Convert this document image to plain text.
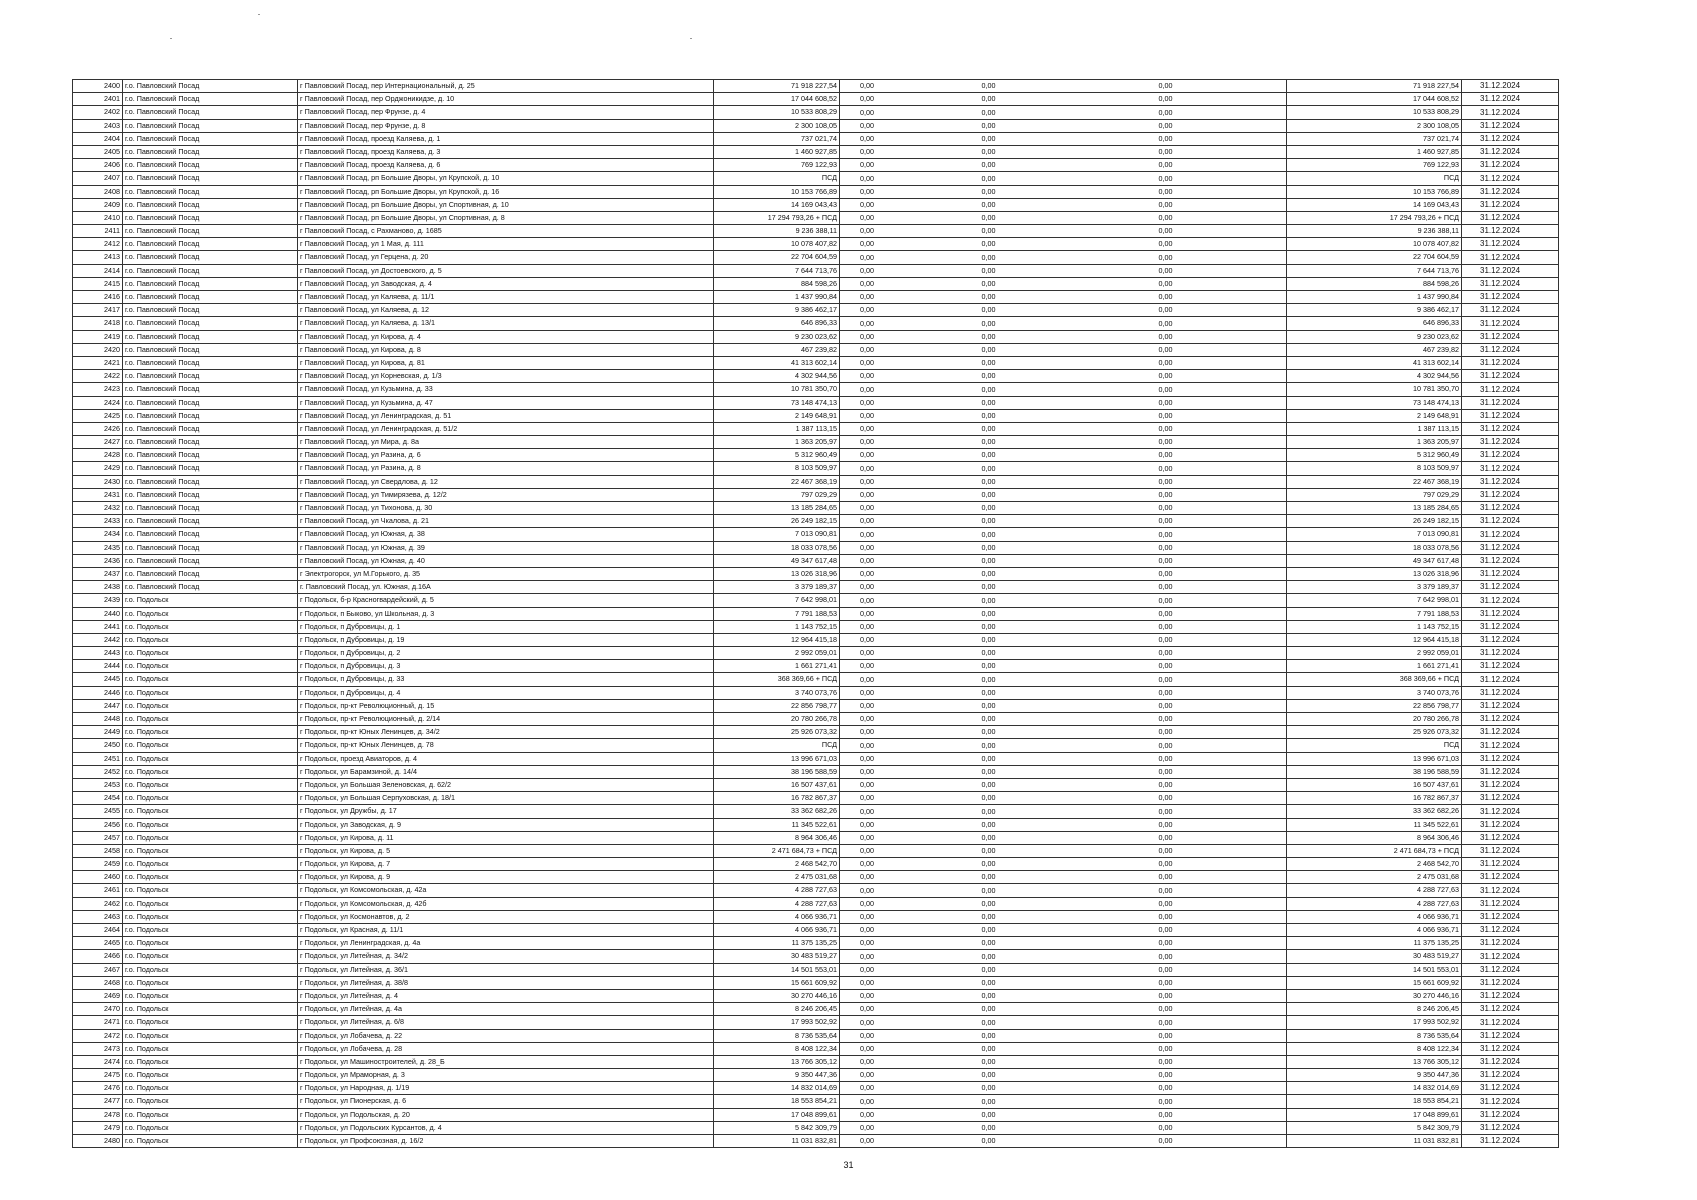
2400	г.о. Павловский Посад	г Павловский Посад, пер Интернациональный, д. 25	71 918 227,54	0,00	0,00	0,00	71 918 227,54	31.12.2024
2401	г.о. Павловский Посад	г Павловский Посад, пер Орджоникидзе, д. 10	17 044 608,52	0,00	0,00	0,00	17 044 608,52	31.12.2024
2402	г.о. Павловский Посад	г Павловский Посад, пер Фрунзе, д. 4	10 533 808,29	0,00	0,00	0,00	10 533 808,29	31.12.2024
2403	г.о. Павловский Посад	г Павловский Посад, пер Фрунзе, д. 8	2 300 108,05	0,00	0,00	0,00	2 300 108,05	31.12.2024
2404	г.о. Павловский Посад	г Павловский Посад, проезд Каляева, д. 1	737 021,74	0,00	0,00	0,00	737 021,74	31.12.2024
2405	г.о. Павловский Посад	г Павловский Посад, проезд Каляева, д. 3	1 460 927,85	0,00	0,00	0,00	1 460 927,85	31.12.2024
2406	г.о. Павловский Посад	г Павловский Посад, проезд Каляева, д. 6	769 122,93	0,00	0,00	0,00	769 122,93	31.12.2024
2407	г.о. Павловский Посад	г Павловский Посад, рп Большие Дворы, ул Крупской, д. 10	ПСД	0,00	0,00	0,00	ПСД	31.12.2024
2408	г.о. Павловский Посад	г Павловский Посад, рп Большие Дворы, ул Крупской, д. 16	10 153 766,89	0,00	0,00	0,00	10 153 766,89	31.12.2024
2409	г.о. Павловский Посад	г Павловский Посад, рп Большие Дворы, ул Спортивная, д. 10	14 169 043,43	0,00	0,00	0,00	14 169 043,43	31.12.2024
2410	г.о. Павловский Посад	г Павловский Посад, рп Большие Дворы, ул Спортивная, д. 8	17 294 793,26 + ПСД	0,00	0,00	0,00	17 294 793,26 + ПСД	31.12.2024
2411	г.о. Павловский Посад	г Павловский Посад, с Рахманово, д. 1685	9 236 388,11	0,00	0,00	0,00	9 236 388,11	31.12.2024
2412	г.о. Павловский Посад	г Павловский Посад, ул 1 Мая, д. 111	10 078 407,82	0,00	0,00	0,00	10 078 407,82	31.12.2024
2413	г.о. Павловский Посад	г Павловский Посад, ул Герцена, д. 20	22 704 604,59	0,00	0,00	0,00	22 704 604,59	31.12.2024
2414	г.о. Павловский Посад	г Павловский Посад, ул Достоевского, д. 5	7 644 713,76	0,00	0,00	0,00	7 644 713,76	31.12.2024
2415	г.о. Павловский Посад	г Павловский Посад, ул Заводская, д. 4	884 598,26	0,00	0,00	0,00	884 598,26	31.12.2024
2416	г.о. Павловский Посад	г Павловский Посад, ул Каляева, д. 11/1	1 437 990,84	0,00	0,00	0,00	1 437 990,84	31.12.2024
2417	г.о. Павловский Посад	г Павловский Посад, ул Каляева, д. 12	9 386 462,17	0,00	0,00	0,00	9 386 462,17	31.12.2024
2418	г.о. Павловский Посад	г Павловский Посад, ул Каляева, д. 13/1	646 896,33	0,00	0,00	0,00	646 896,33	31.12.2024
2419	г.о. Павловский Посад	г Павловский Посад, ул Кирова, д. 4	9 230 023,62	0,00	0,00	0,00	9 230 023,62	31.12.2024
2420	г.о. Павловский Посад	г Павловский Посад, ул Кирова, д. 8	467 239,82	0,00	0,00	0,00	467 239,82	31.12.2024
2421	г.о. Павловский Посад	г Павловский Посад, ул Кирова, д. 81	41 313 602,14	0,00	0,00	0,00	41 313 602,14	31.12.2024
2422	г.о. Павловский Посад	г Павловский Посад, ул Корневская, д. 1/3	4 302 944,56	0,00	0,00	0,00	4 302 944,56	31.12.2024
2423	г.о. Павловский Посад	г Павловский Посад, ул Кузьмина, д. 33	10 781 350,70	0,00	0,00	0,00	10 781 350,70	31.12.2024
2424	г.о. Павловский Посад	г Павловский Посад, ул Кузьмина, д. 47	73 148 474,13	0,00	0,00	0,00	73 148 474,13	31.12.2024
2425	г.о. Павловский Посад	г Павловский Посад, ул Ленинградская, д. 51	2 149 648,91	0,00	0,00	0,00	2 149 648,91	31.12.2024
2426	г.о. Павловский Посад	г Павловский Посад, ул Ленинградская, д. 51/2	1 387 113,15	0,00	0,00	0,00	1 387 113,15	31.12.2024
2427	г.о. Павловский Посад	г Павловский Посад, ул Мира, д. 8а	1 363 205,97	0,00	0,00	0,00	1 363 205,97	31.12.2024
2428	г.о. Павловский Посад	г Павловский Посад, ул Разина, д. 6	5 312 960,49	0,00	0,00	0,00	5 312 960,49	31.12.2024
2429	г.о. Павловский Посад	г Павловский Посад, ул Разина, д. 8	8 103 509,97	0,00	0,00	0,00	8 103 509,97	31.12.2024
2430	г.о. Павловский Посад	г Павловский Посад, ул Свердлова, д. 12	22 467 368,19	0,00	0,00	0,00	22 467 368,19	31.12.2024
2431	г.о. Павловский Посад	г Павловский Посад, ул Тимирязева, д. 12/2	797 029,29	0,00	0,00	0,00	797 029,29	31.12.2024
2432	г.о. Павловский Посад	г Павловский Посад, ул Тихонова, д. 30	13 185 284,65	0,00	0,00	0,00	13 185 284,65	31.12.2024
2433	г.о. Павловский Посад	г Павловский Посад, ул Чкалова, д. 21	26 249 182,15	0,00	0,00	0,00	26 249 182,15	31.12.2024
2434	г.о. Павловский Посад	г Павловский Посад, ул Южная, д. 38	7 013 090,81	0,00	0,00	0,00	7 013 090,81	31.12.2024
2435	г.о. Павловский Посад	г Павловский Посад, ул Южная, д. 39	18 033 078,56	0,00	0,00	0,00	18 033 078,56	31.12.2024
2436	г.о. Павловский Посад	г Павловский Посад, ул Южная, д. 40	49 347 617,48	0,00	0,00	0,00	49 347 617,48	31.12.2024
2437	г.о. Павловский Посад	г Электрогорск, ул М.Горького, д. 35	13 026 318,96	0,00	0,00	0,00	13 026 318,96	31.12.2024
2438	г.о. Павловский Посад	г. Павловский Посад, ул. Южная, д.16А	3 379 189,37	0,00	0,00	0,00	3 379 189,37	31.12.2024
2439	г.о. Подольск	г Подольск, б-р Красногвардейский, д. 5	7 642 998,01	0,00	0,00	0,00	7 642 998,01	31.12.2024
2440	г.о. Подольск	г Подольск, п Быково, ул Школьная, д. 3	7 791 188,53	0,00	0,00	0,00	7 791 188,53	31.12.2024
2441	г.о. Подольск	г Подольск, п Дубровицы, д. 1	1 143 752,15	0,00	0,00	0,00	1 143 752,15	31.12.2024
2442	г.о. Подольск	г Подольск, п Дубровицы, д. 19	12 964 415,18	0,00	0,00	0,00	12 964 415,18	31.12.2024
2443	г.о. Подольск	г Подольск, п Дубровицы, д. 2	2 992 059,01	0,00	0,00	0,00	2 992 059,01	31.12.2024
2444	г.о. Подольск	г Подольск, п Дубровицы, д. 3	1 661 271,41	0,00	0,00	0,00	1 661 271,41	31.12.2024
2445	г.о. Подольск	г Подольск, п Дубровицы, д. 33	368 369,66 + ПСД	0,00	0,00	0,00	368 369,66 + ПСД	31.12.2024
2446	г.о. Подольск	г Подольск, п Дубровицы, д. 4	3 740 073,76	0,00	0,00	0,00	3 740 073,76	31.12.2024
2447	г.о. Подольск	г Подольск, пр-кт Революционный, д. 15	22 856 798,77	0,00	0,00	0,00	22 856 798,77	31.12.2024
2448	г.о. Подольск	г Подольск, пр-кт Революционный, д. 2/14	20 780 266,78	0,00	0,00	0,00	20 780 266,78	31.12.2024
2449	г.о. Подольск	г Подольск, пр-кт Юных Ленинцев, д. 34/2	25 926 073,32	0,00	0,00	0,00	25 926 073,32	31.12.2024
2450	г.о. Подольск	г Подольск, пр-кт Юных Ленинцев, д. 78	ПСД	0,00	0,00	0,00	ПСД	31.12.2024
2451	г.о. Подольск	г Подольск, проезд Авиаторов, д. 4	13 996 671,03	0,00	0,00	0,00	13 996 671,03	31.12.2024
2452	г.о. Подольск	г Подольск, ул Барамзиной, д. 14/4	38 196 588,59	0,00	0,00	0,00	38 196 588,59	31.12.2024
2453	г.о. Подольск	г Подольск, ул Большая Зеленовская, д. 62/2	16 507 437,61	0,00	0,00	0,00	16 507 437,61	31.12.2024
2454	г.о. Подольск	г Подольск, ул Большая Серпуховская, д. 18/1	16 782 867,37	0,00	0,00	0,00	16 782 867,37	31.12.2024
2455	г.о. Подольск	г Подольск, ул Дружбы, д. 17	33 362 682,26	0,00	0,00	0,00	33 362 682,26	31.12.2024
2456	г.о. Подольск	г Подольск, ул Заводская, д. 9	11 345 522,61	0,00	0,00	0,00	11 345 522,61	31.12.2024
2457	г.о. Подольск	г Подольск, ул Кирова, д. 11	8 964 306,46	0,00	0,00	0,00	8 964 306,46	31.12.2024
2458	г.о. Подольск	г Подольск, ул Кирова, д. 5	2 471 684,73 + ПСД	0,00	0,00	0,00	2 471 684,73 + ПСД	31.12.2024
2459	г.о. Подольск	г Подольск, ул Кирова, д. 7	2 468 542,70	0,00	0,00	0,00	2 468 542,70	31.12.2024
2460	г.о. Подольск	г Подольск, ул Кирова, д. 9	2 475 031,68	0,00	0,00	0,00	2 475 031,68	31.12.2024
2461	г.о. Подольск	г Подольск, ул Комсомольская, д. 42а	4 288 727,63	0,00	0,00	0,00	4 288 727,63	31.12.2024
2462	г.о. Подольск	г Подольск, ул Комсомольская, д. 42б	4 288 727,63	0,00	0,00	0,00	4 288 727,63	31.12.2024
2463	г.о. Подольск	г Подольск, ул Космонавтов, д. 2	4 066 936,71	0,00	0,00	0,00	4 066 936,71	31.12.2024
2464	г.о. Подольск	г Подольск, ул Красная, д. 11/1	4 066 936,71	0,00	0,00	0,00	4 066 936,71	31.12.2024
2465	г.о. Подольск	г Подольск, ул Ленинградская, д. 4а	11 375 135,25	0,00	0,00	0,00	11 375 135,25	31.12.2024
2466	г.о. Подольск	г Подольск, ул Литейная, д. 34/2	30 483 519,27	0,00	0,00	0,00	30 483 519,27	31.12.2024
2467	г.о. Подольск	г Подольск, ул Литейная, д. 36/1	14 501 553,01	0,00	0,00	0,00	14 501 553,01	31.12.2024
2468	г.о. Подольск	г Подольск, ул Литейная, д. 38/8	15 661 609,92	0,00	0,00	0,00	15 661 609,92	31.12.2024
2469	г.о. Подольск	г Подольск, ул Литейная, д. 4	30 270 446,16	0,00	0,00	0,00	30 270 446,16	31.12.2024
2470	г.о. Подольск	г Подольск, ул Литейная, д. 4а	8 246 206,45	0,00	0,00	0,00	8 246 206,45	31.12.2024
2471	г.о. Подольск	г Подольск, ул Литейная, д. 6/8	17 993 502,92	0,00	0,00	0,00	17 993 502,92	31.12.2024
2472	г.о. Подольск	г Подольск, ул Лобачева, д. 22	8 736 535,64	0,00	0,00	0,00	8 736 535,64	31.12.2024
2473	г.о. Подольск	г Подольск, ул Лобачева, д. 28	8 408 122,34	0,00	0,00	0,00	8 408 122,34	31.12.2024
2474	г.о. Подольск	г Подольск, ул Машиностроителей, д. 28_Б	13 766 305,12	0,00	0,00	0,00	13 766 305,12	31.12.2024
2475	г.о. Подольск	г Подольск, ул Мраморная, д. 3	9 350 447,36	0,00	0,00	0,00	9 350 447,36	31.12.2024
2476	г.о. Подольск	г Подольск, ул Народная, д. 1/19	14 832 014,69	0,00	0,00	0,00	14 832 014,69	31.12.2024
2477	г.о. Подольск	г Подольск, ул Пионерская, д. 6	18 553 854,21	0,00	0,00	0,00	18 553 854,21	31.12.2024
2478	г.о. Подольск	г Подольск, ул Подольская, д. 20	17 048 899,61	0,00	0,00	0,00	17 048 899,61	31.12.2024
2479	г.о. Подольск	г Подольск, ул Подольских Курсантов, д. 4	5 842 309,79	0,00	0,00	0,00	5 842 309,79	31.12.2024
2480	г.о. Подольск	г Подольск, ул Профсоюзная, д. 16/2	11 031 832,81	0,00	0,00	0,00	11 031 832,81	31.12.2024
31
